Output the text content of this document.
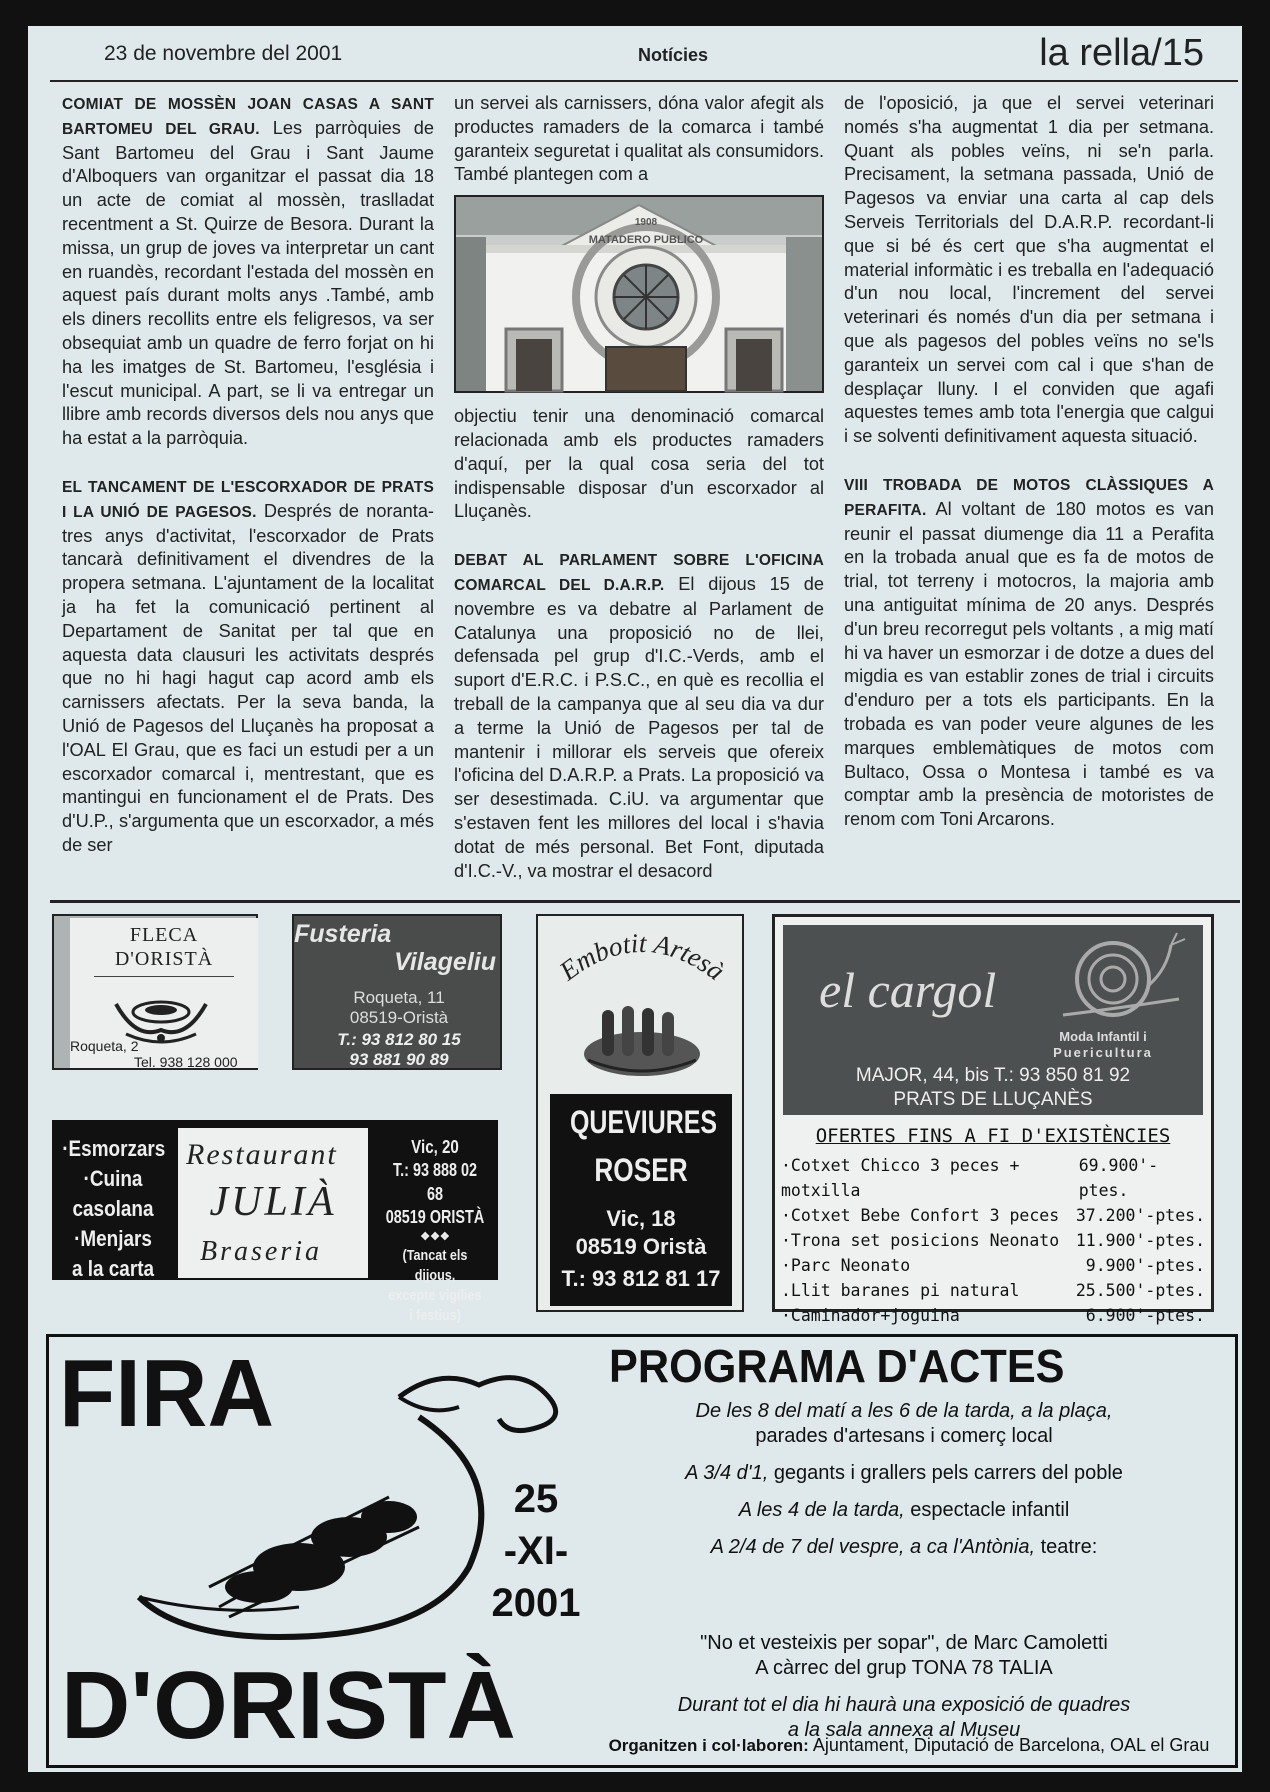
23 de novembre del 2001	Notícies	la rella/15

COMIAT DE MOSSÈN JOAN CASAS A SANT BARTOMEU DEL GRAU. Les parròquies de Sant Bartomeu del Grau i Sant Jaume d'Alboquers van organitzar el passat dia 18 un acte de comiat al mossèn, traslladat recentment a St. Quirze de Besora. Durant la missa, un grup de joves va interpretar un cant en ruandès, recordant l'estada del mossèn en aquest país durant molts anys .També, amb els diners recollits entre els feligresos, va ser obsequiat amb un quadre de ferro forjat on hi ha les imatges de St. Bartomeu, l'església i l'escut municipal. A part, se li va entregar un llibre amb records diversos dels nou anys que ha estat a la parròquia.

EL TANCAMENT DE L'ESCORXADOR DE PRATS I LA UNIÓ DE PAGESOS. Després de noranta-tres anys d'activitat, l'escorxador de Prats tancarà definitivament el divendres de la propera setmana. L'ajuntament de la localitat ja ha fet la comunicació pertinent al Departament de Sanitat per tal que en aquesta data clausuri les activitats després que no hi hagi hagut cap acord amb els carnissers afectats. Per la seva banda, la Unió de Pagesos del Lluçanès ha proposat a l'OAL El Grau, que es faci un estudi per a un escorxador comarcal i, mentrestant, que es mantingui en funcionament el de Prats. Des d'U.P., s'argumenta que un escorxador, a més de ser

un servei als carnissers, dóna valor afegit als productes ramaders de la comarca i també garanteix seguretat i qualitat als consumidors. També plantegen com a

1908
MATADERO PUBLICO

objectiu tenir una denominació comarcal relacionada amb els productes ramaders d'aquí, per la qual cosa seria del tot indispensable disposar d'un escorxador al Lluçanès.

DEBAT AL PARLAMENT SOBRE L'OFICINA COMARCAL DEL D.A.R.P. El dijous 15 de novembre es va debatre al Parlament de Catalunya una proposició no de llei, defensada pel grup d'I.C.-Verds, amb el suport d'E.R.C. i P.S.C., en què es recollia el treball de la campanya que al seu dia va dur a terme la Unió de Pagesos per tal de mantenir i millorar els serveis que ofereix l'oficina del D.A.R.P. a Prats. La proposició va ser desestimada. C.iU. va argumentar que s'estaven fent les millores del local i s'havia dotat de més personal. Bet Font, diputada d'I.C.-V., va mostrar el desacord

de l'oposició, ja que el servei veterinari només s'ha augmentat 1 dia per setmana. Quant als pobles veïns, ni se'n parla. Precisament, la setmana passada, Unió de Pagesos va enviar una carta al cap dels Serveis Territorials del D.A.R.P. recordant-li que si bé és cert que s'ha augmentat el material informàtic i es treballa en l'adequació d'un nou local, l'increment del servei veterinari és només d'un dia per setmana i que als pagesos del pobles veïns no se'ls garanteix un servei com cal i que s'han de desplaçar lluny. I el conviden que agafi aquestes temes amb tota l'energia que calgui i se solventi definitivament aquesta situació.

VIII TROBADA DE MOTOS CLÀSSIQUES A PERAFITA. Al voltant de 180 motos es van reunir el passat diumenge dia 11 a Perafita en la trobada anual que es fa de motos de trial, tot terreny i motocros, la majoria amb una antiguitat mínima de 20 anys. Després d'un breu recorregut pels voltants , a mig matí hi va haver un esmorzar i de dotze a dues del migdia es van establir zones de trial i circuits d'enduro per a tots els participants. En la trobada es van poder veure algunes de les marques emblemàtiques de motos com Bultaco, Ossa o Montesa i també es va comptar amb la presència de motoristes de renom com Toni Arcarons.

FLECA
D'ORISTÀ
Roqueta, 2
Tel. 938 128 000
Fusteria
Vilageliu
Roqueta, 11
08519-Oristà
T.: 93 812 80 15
93 881 90 89
Embotit Artesà
QUEVIURES
ROSER
Vic, 18
08519 Oristà
T.: 93 812 81 17
el cargol
Moda Infantil i
Puericultura
MAJOR, 44, bis T.: 93 850 81 92
PRATS DE LLUÇANÈS
OFERTES FINS A FI D'EXISTÈNCIES
·Cotxet Chicco 3 peces + motxilla
69.900'- ptes.
·Cotxet Bebe Confort 3 peces 37.200'-ptes.
·Trona set posicions Neonato 11.900'-ptes.
·Parc Neonato	9.900'-ptes.
.Llit baranes pi natural	25.500'-ptes.
·Caminador+joguina	6.900'-ptes.
·Esmorzars
·Cuina
casolana
·Menjars
a la carta
Restaurant
JULIÀ
Braseria
Vic, 20
T.: 93 888 02 68
08519 ORISTÀ
❖❖❖
(Tancat els dijous,
excepte vigílies
i festius)
FIRA
D'ORISTÀ
25
-XI-
2001
PROGRAMA D'ACTES
De les 8 del matí a les 6 de la tarda, a la plaça,
parades d'artesans i comerç local
A 3/4 d'1, gegants i grallers pels carrers del poble
A les 4 de la tarda, espectacle infantil
A 2/4 de 7 del vespre, a ca l'Antònia, teatre:
"No et vesteixis per sopar", de Marc Camoletti
A càrrec del grup TONA 78 TALIA
Durant tot el dia hi haurà una exposició de quadres
a la sala annexa al Museu
Organitzen i col·laboren: Ajuntament, Diputació de Barcelona, OAL el Grau
